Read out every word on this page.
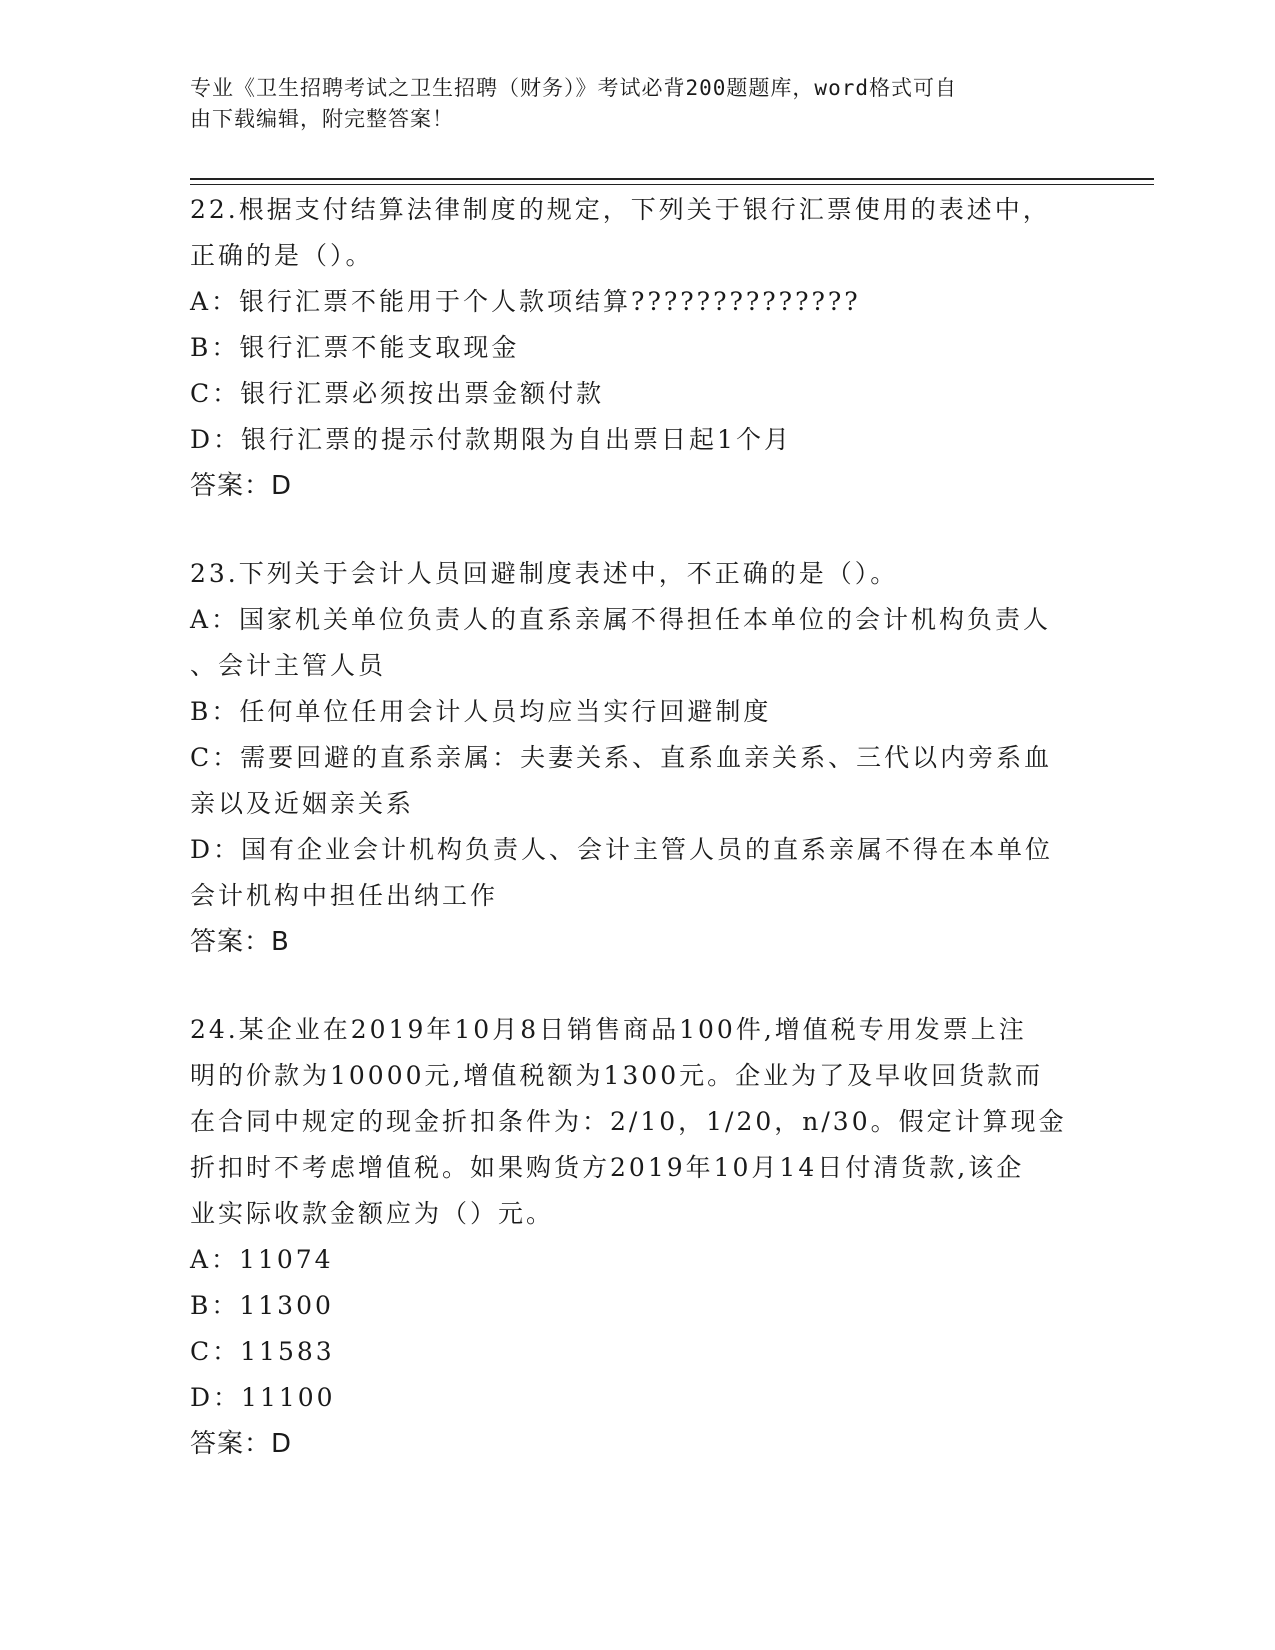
专业《卫生招聘考试之卫生招聘（财务）》考试必背200题题库，word格式可自
由下载编辑，附完整答案！
22.根据支付结算法律制度的规定，下列关于银行汇票使用的表述中，
正确的是（）。
A：银行汇票不能用于个人款项结算??????????????
B：银行汇票不能支取现金
C：银行汇票必须按出票金额付款
D：银行汇票的提示付款期限为自出票日起1个月
答案：D
23.下列关于会计人员回避制度表述中，不正确的是（）。
A：国家机关单位负责人的直系亲属不得担任本单位的会计机构负责人
、会计主管人员
B：任何单位任用会计人员均应当实行回避制度
C：需要回避的直系亲属：夫妻关系、直系血亲关系、三代以内旁系血
亲以及近姻亲关系
D：国有企业会计机构负责人、会计主管人员的直系亲属不得在本单位
会计机构中担任出纳工作
答案：B
24.某企业在2019年10月8日销售商品100件,增值税专用发票上注
明的价款为10000元,增值税额为1300元。企业为了及早收回货款而
在合同中规定的现金折扣条件为：2/10，1/20，n/30。假定计算现金
折扣时不考虑增值税。如果购货方2019年10月14日付清货款,该企
业实际收款金额应为（）元。
A：11074
B：11300
C：11583
D：11100
答案：D
